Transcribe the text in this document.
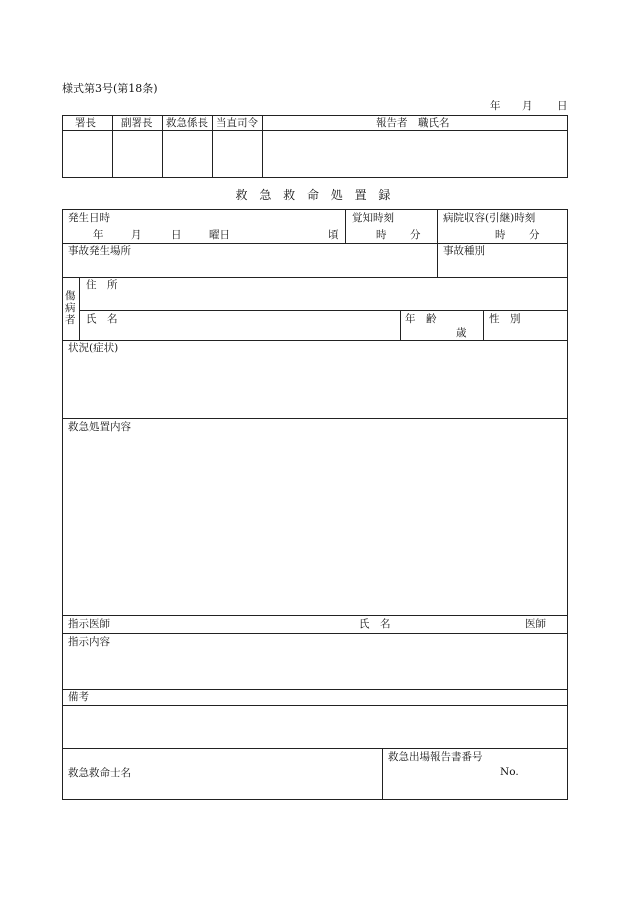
様式第3号(第18条)
年 月 日
署長 副署長 救急係長 当直司令	報告者　職氏名
救 急 救 命 処 置 録
発生日時
年	月	日	曜日	頃
覚知時刻
時 分
病院収容(引継)時刻
時 分
事故発生場所	事故種別
傷
病
者
住　所
氏　名	年　齢
歳
性　別
状況(症状)
救急処置内容
指示医師	氏　名	医師
指示内容
備考
救急救命士名
救急出場報告書番号
No.
